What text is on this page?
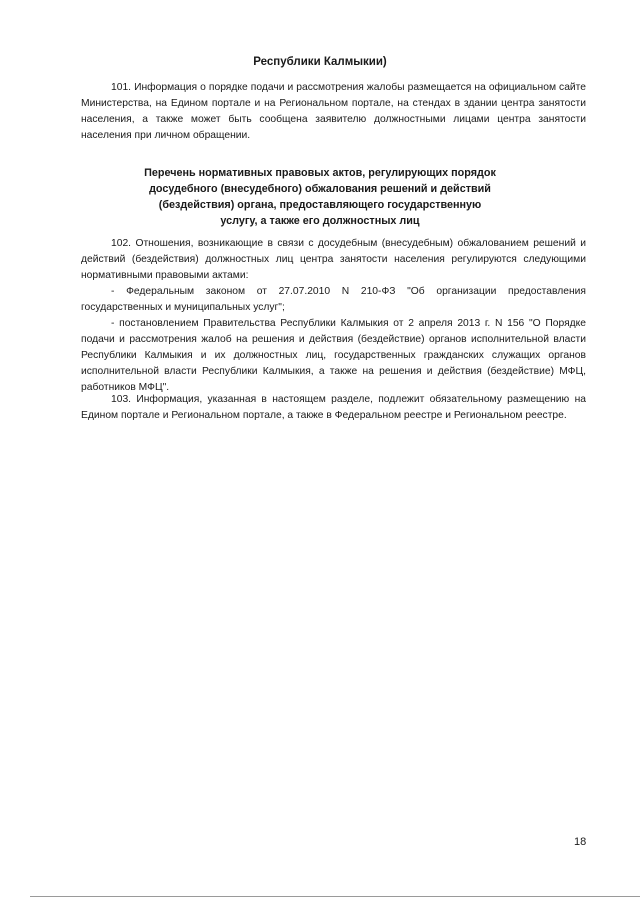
Республики Калмыкии)

101. Информация о порядке подачи и рассмотрения жалобы размещается на официальном сайте Министерства, на Едином портале и на Региональном портале, на стендах в здании центра занятости населения, а также может быть сообщена заявителю должностными лицами центра занятости населения при личном обращении.

Перечень нормативных правовых актов, регулирующих порядок
досудебного (внесудебного) обжалования решений и действий
(бездействия) органа, предоставляющего государственную
услугу, а также его должностных лиц

102. Отношения, возникающие в связи с досудебным (внесудебным) обжалованием решений и действий (бездействия) должностных лиц центра занятости населения регулируются следующими нормативными правовыми актами:

- Федеральным законом от 27.07.2010 N 210-ФЗ "Об организации предоставления государственных и муниципальных услуг";

- постановлением Правительства Республики Калмыкия от 2 апреля 2013 г. N 156 "О Порядке подачи и рассмотрения жалоб на решения и действия (бездействие) органов исполнительной власти Республики Калмыкия и их должностных лиц, государственных гражданских служащих органов исполнительной власти Республики Калмыкия, а также на решения и действия (бездействие) МФЦ, работников МФЦ".

103. Информация, указанная в настоящем разделе, подлежит обязательному размещению на Едином портале и Региональном портале, а также в Федеральном реестре и Региональном реестре.

18
